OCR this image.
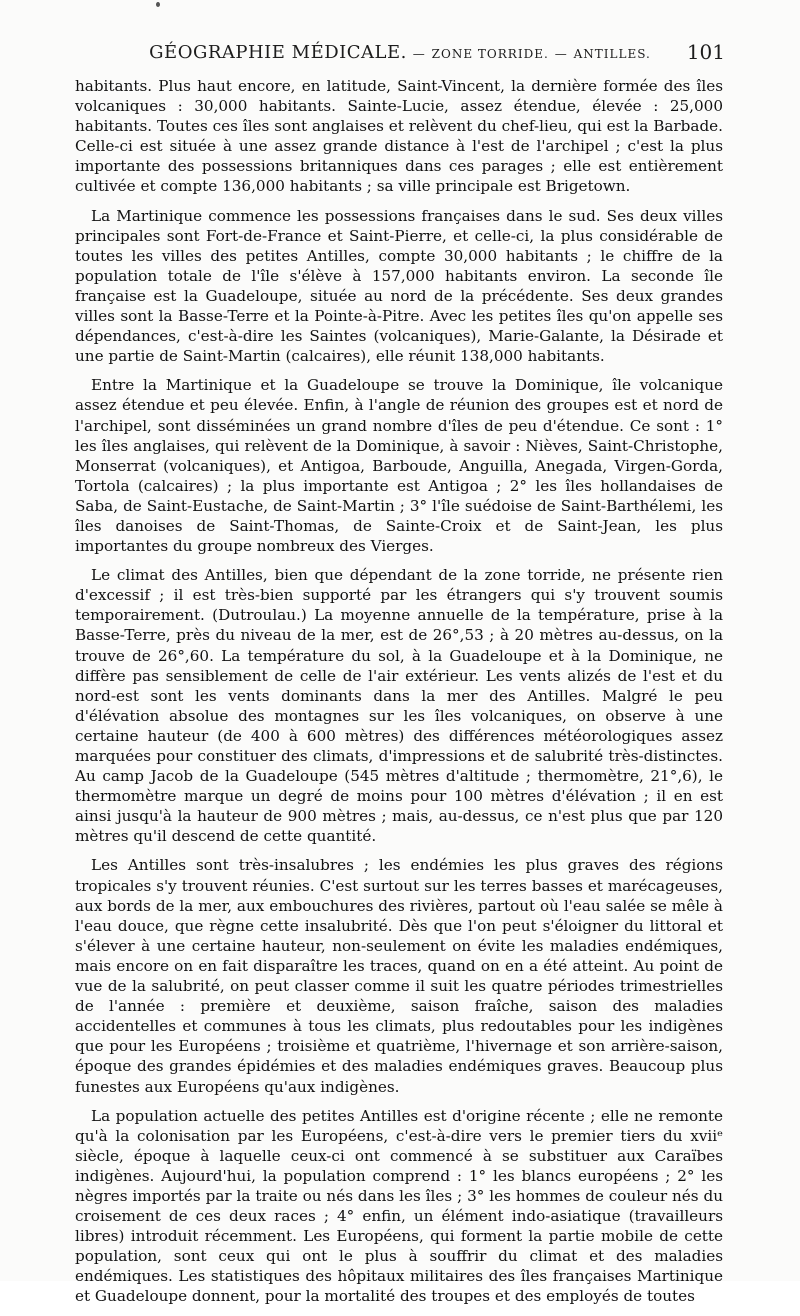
GÉOGRAPHIE MÉDICALE. — ZONE TORRIDE. — ANTILLES.	101

habitants. Plus haut encore, en latitude, Saint-Vincent, la dernière formée des îles volcaniques : 30,000 habitants. Sainte-Lucie, assez étendue, élevée : 25,000 habitants. Toutes ces îles sont anglaises et relèvent du chef-lieu, qui est la Barbade. Celle-ci est située à une assez grande distance à l'est de l'archipel ; c'est la plus importante des possessions britanniques dans ces parages ; elle est entièrement cultivée et compte 136,000 habitants ; sa ville principale est Brigetown.

La Martinique commence les possessions françaises dans le sud. Ses deux villes principales sont Fort-de-France et Saint-Pierre, et celle-ci, la plus considérable de toutes les villes des petites Antilles, compte 30,000 habitants ; le chiffre de la population totale de l'île s'élève à 157,000 habitants environ. La seconde île française est la Guadeloupe, située au nord de la précédente. Ses deux grandes villes sont la Basse-Terre et la Pointe-à-Pitre. Avec les petites îles qu'on appelle ses dépendances, c'est-à-dire les Saintes (volcaniques), Marie-Galante, la Désirade et une partie de Saint-Martin (calcaires), elle réunit 138,000 habitants.

Entre la Martinique et la Guadeloupe se trouve la Dominique, île volcanique assez étendue et peu élevée. Enfin, à l'angle de réunion des groupes est et nord de l'archipel, sont disséminées un grand nombre d'îles de peu d'étendue. Ce sont : 1° les îles anglaises, qui relèvent de la Dominique, à savoir : Nièves, Saint-Christophe, Monserrat (volcaniques), et Antigoa, Barboude, Anguilla, Anegada, Virgen-Gorda, Tortola (calcaires) ; la plus importante est Antigoa ; 2° les îles hollandaises de Saba, de Saint-Eustache, de Saint-Martin ; 3° l'île suédoise de Saint-Barthélemi, les îles danoises de Saint-Thomas, de Sainte-Croix et de Saint-Jean, les plus importantes du groupe nombreux des Vierges.

Le climat des Antilles, bien que dépendant de la zone torride, ne présente rien d'excessif ; il est très-bien supporté par les étrangers qui s'y trouvent soumis temporairement. (Dutroulau.) La moyenne annuelle de la température, prise à la Basse-Terre, près du niveau de la mer, est de 26°,53 ; à 20 mètres au-dessus, on la trouve de 26°,60. La température du sol, à la Guadeloupe et à la Dominique, ne diffère pas sensiblement de celle de l'air extérieur. Les vents alizés de l'est et du nord-est sont les vents dominants dans la mer des Antilles. Malgré le peu d'élévation absolue des montagnes sur les îles volcaniques, on observe à une certaine hauteur (de 400 à 600 mètres) des différences météorologiques assez marquées pour constituer des climats, d'impressions et de salubrité très-distinctes. Au camp Jacob de la Guadeloupe (545 mètres d'altitude ; thermomètre, 21°,6), le thermomètre marque un degré de moins pour 100 mètres d'élévation ; il en est ainsi jusqu'à la hauteur de 900 mètres ; mais, au-dessus, ce n'est plus que par 120 mètres qu'il descend de cette quantité.

Les Antilles sont très-insalubres ; les endémies les plus graves des régions tropicales s'y trouvent réunies. C'est surtout sur les terres basses et marécageuses, aux bords de la mer, aux embouchures des rivières, partout où l'eau salée se mêle à l'eau douce, que règne cette insalubrité. Dès que l'on peut s'éloigner du littoral et s'élever à une certaine hauteur, non-seulement on évite les maladies endémiques, mais encore on en fait disparaître les traces, quand on en a été atteint. Au point de vue de la salubrité, on peut classer comme il suit les quatre périodes trimestrielles de l'année : première et deuxième, saison fraîche, saison des maladies accidentelles et communes à tous les climats, plus redoutables pour les indigènes que pour les Européens ; troisième et quatrième, l'hivernage et son arrière-saison, époque des grandes épidémies et des maladies endémiques graves. Beaucoup plus funestes aux Européens qu'aux indigènes.

La population actuelle des petites Antilles est d'origine récente ; elle ne remonte qu'à la colonisation par les Européens, c'est-à-dire vers le premier tiers du xviiᵉ siècle, époque à laquelle ceux-ci ont commencé à se substituer aux Caraïbes indigènes. Aujourd'hui, la population comprend : 1° les blancs européens ; 2° les nègres importés par la traite ou nés dans les îles ; 3° les hommes de couleur nés du croisement de ces deux races ; 4° enfin, un élément indo-asiatique (travailleurs libres) introduit récemment. Les Européens, qui forment la partie mobile de cette population, sont ceux qui ont le plus à souffrir du climat et des maladies endémiques. Les statistiques des hôpitaux militaires des îles françaises Martinique et Guadeloupe donnent, pour la mortalité des troupes et des employés de toutes
